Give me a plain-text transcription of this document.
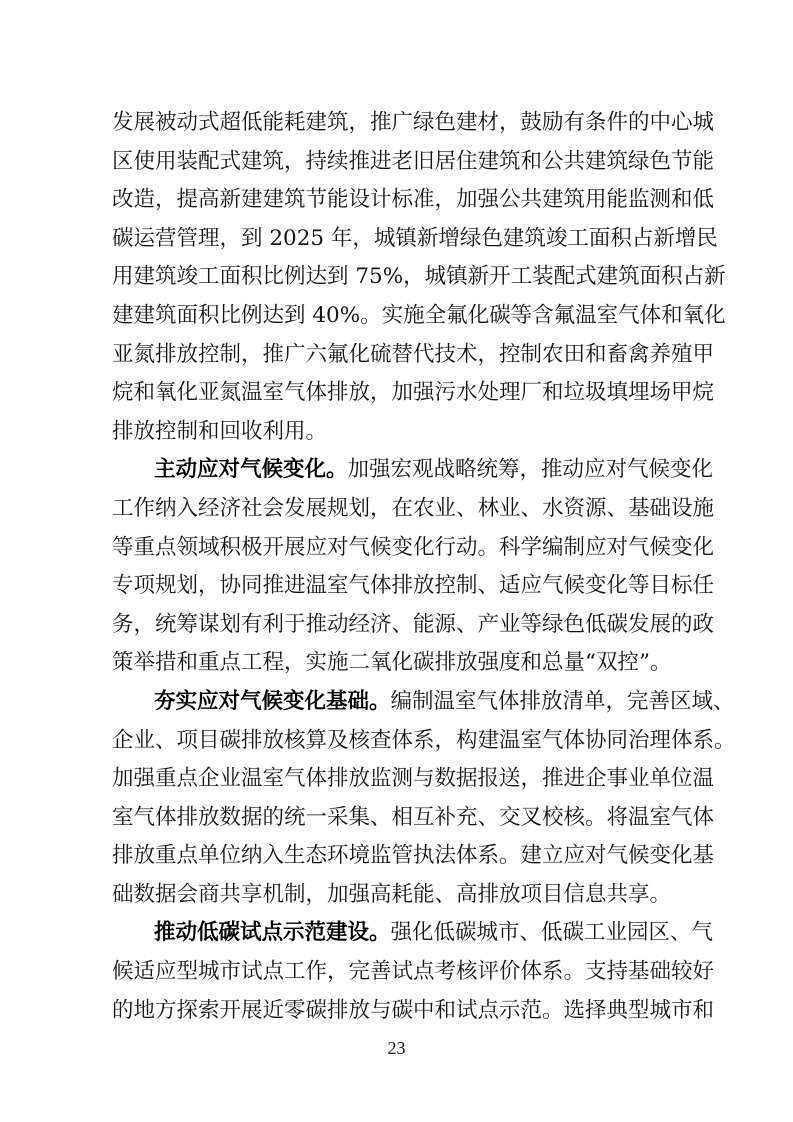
发展被动式超低能耗建筑，推广绿色建材，鼓励有条件的中心城
区使用装配式建筑，持续推进老旧居住建筑和公共建筑绿色节能
改造，提高新建建筑节能设计标准，加强公共建筑用能监测和低
碳运营管理，到 2025 年，城镇新增绿色建筑竣工面积占新增民
用建筑竣工面积比例达到 75%，城镇新开工装配式建筑面积占新
建建筑面积比例达到 40%。实施全氟化碳等含氟温室气体和氧化
亚氮排放控制，推广六氟化硫替代技术，控制农田和畜禽养殖甲
烷和氧化亚氮温室气体排放，加强污水处理厂和垃圾填埋场甲烷
排放控制和回收利用。
主动应对气候变化。加强宏观战略统筹，推动应对气候变化
工作纳入经济社会发展规划，在农业、林业、水资源、基础设施
等重点领域积极开展应对气候变化行动。科学编制应对气候变化
专项规划，协同推进温室气体排放控制、适应气候变化等目标任
务，统筹谋划有利于推动经济、能源、产业等绿色低碳发展的政
策举措和重点工程，实施二氧化碳排放强度和总量“双控”。
夯实应对气候变化基础。编制温室气体排放清单，完善区域、
企业、项目碳排放核算及核查体系，构建温室气体协同治理体系。
加强重点企业温室气体排放监测与数据报送，推进企事业单位温
室气体排放数据的统一采集、相互补充、交叉校核。将温室气体
排放重点单位纳入生态环境监管执法体系。建立应对气候变化基
础数据会商共享机制，加强高耗能、高排放项目信息共享。
推动低碳试点示范建设。强化低碳城市、低碳工业园区、气
候适应型城市试点工作，完善试点考核评价体系。支持基础较好
的地方探索开展近零碳排放与碳中和试点示范。选择典型城市和
23
